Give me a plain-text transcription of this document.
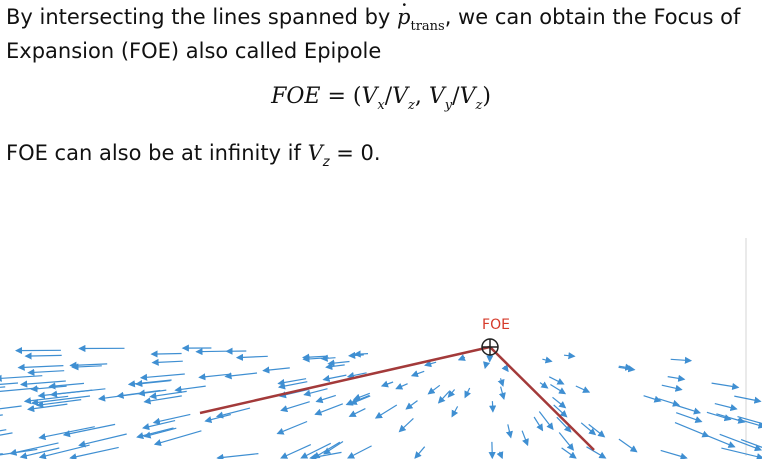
By intersecting the lines spanned by · $p_{trans}$, we can obtain the Focus of
Expansion (FOE) also called Epipole

FOE = ($V_x/V_z$, $V_y/V_z$)

FOE can also be at infinity if $V_z = 0$.

FOE
